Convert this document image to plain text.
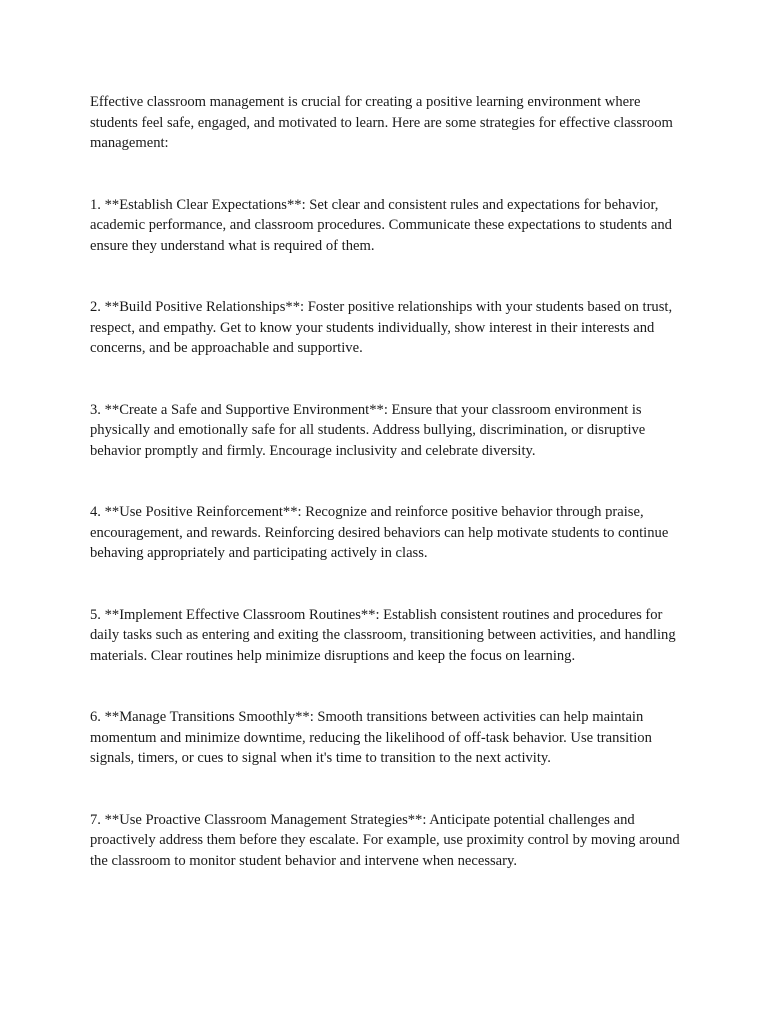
Effective classroom management is crucial for creating a positive learning environment where students feel safe, engaged, and motivated to learn. Here are some strategies for effective classroom management:

1. **Establish Clear Expectations**: Set clear and consistent rules and expectations for behavior, academic performance, and classroom procedures. Communicate these expectations to students and ensure they understand what is required of them.

2. **Build Positive Relationships**: Foster positive relationships with your students based on trust, respect, and empathy. Get to know your students individually, show interest in their interests and concerns, and be approachable and supportive.

3. **Create a Safe and Supportive Environment**: Ensure that your classroom environment is physically and emotionally safe for all students. Address bullying, discrimination, or disruptive behavior promptly and firmly. Encourage inclusivity and celebrate diversity.

4. **Use Positive Reinforcement**: Recognize and reinforce positive behavior through praise, encouragement, and rewards. Reinforcing desired behaviors can help motivate students to continue behaving appropriately and participating actively in class.

5. **Implement Effective Classroom Routines**: Establish consistent routines and procedures for daily tasks such as entering and exiting the classroom, transitioning between activities, and handling materials. Clear routines help minimize disruptions and keep the focus on learning.

6. **Manage Transitions Smoothly**: Smooth transitions between activities can help maintain momentum and minimize downtime, reducing the likelihood of off-task behavior. Use transition signals, timers, or cues to signal when it's time to transition to the next activity.

7. **Use Proactive Classroom Management Strategies**: Anticipate potential challenges and proactively address them before they escalate. For example, use proximity control by moving around the classroom to monitor student behavior and intervene when necessary.
